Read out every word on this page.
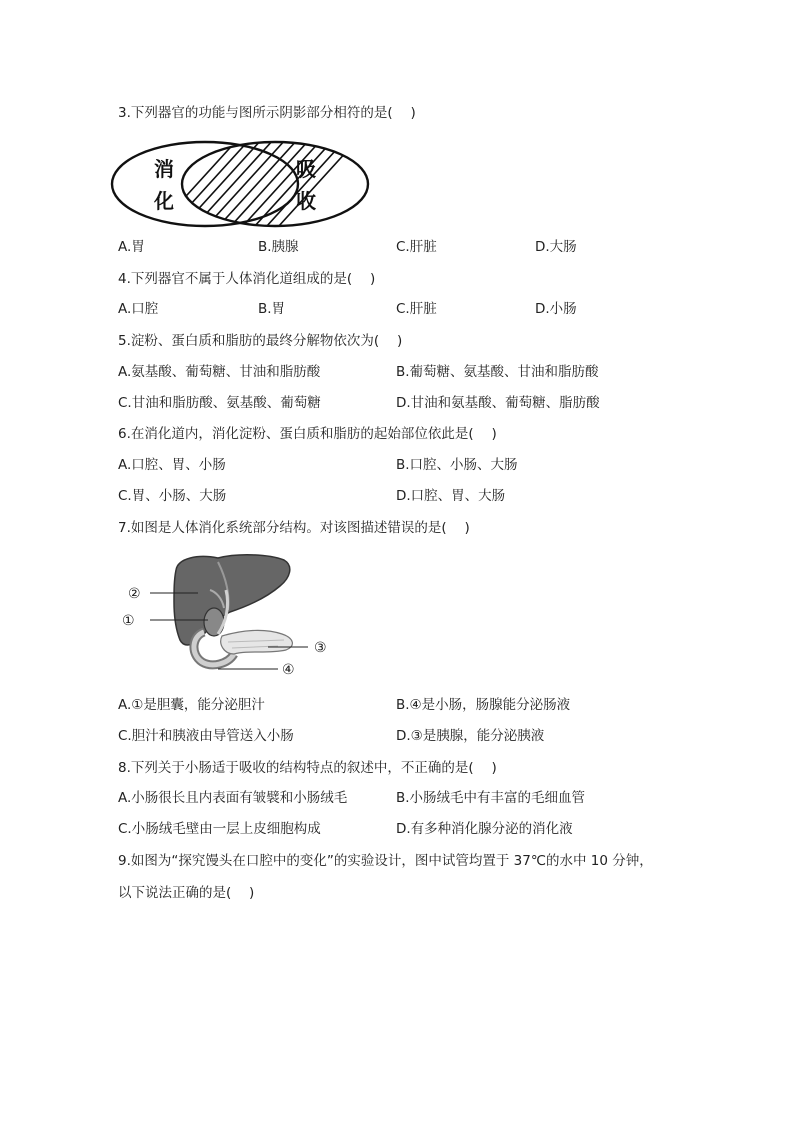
3.下列器官的功能与图所示阴影部分相符的是(　 )
消
化
吸
收
A.胃	B.胰腺	C.肝脏	D.大肠
4.下列器官不属于人体消化道组成的是(　 )
A.口腔	B.胃	C.肝脏	D.小肠
5.淀粉、蛋白质和脂肪的最终分解物依次为(　 )
A.氨基酸、葡萄糖、甘油和脂肪酸	B.葡萄糖、氨基酸、甘油和脂肪酸
C.甘油和脂肪酸、氨基酸、葡萄糖	D.甘油和氨基酸、葡萄糖、脂肪酸
6.在消化道内，消化淀粉、蛋白质和脂肪的起始部位依此是(　 )
A.口腔、胃、小肠	B.口腔、小肠、大肠
C.胃、小肠、大肠	D.口腔、胃、大肠
7.如图是人体消化系统部分结构。对该图描述错误的是(　 )
②
①
③
④
A.①是胆囊，能分泌胆汁	B.④是小肠，肠腺能分泌肠液
C.胆汁和胰液由导管送入小肠	D.③是胰腺，能分泌胰液
8.下列关于小肠适于吸收的结构特点的叙述中，不正确的是(　 )
A.小肠很长且内表面有皱襞和小肠绒毛	B.小肠绒毛中有丰富的毛细血管
C.小肠绒毛壁由一层上皮细胞构成	D.有多种消化腺分泌的消化液
9.如图为“探究馒头在口腔中的变化”的实验设计，图中试管均置于 37℃的水中 10 分钟，
以下说法正确的是(　 )
